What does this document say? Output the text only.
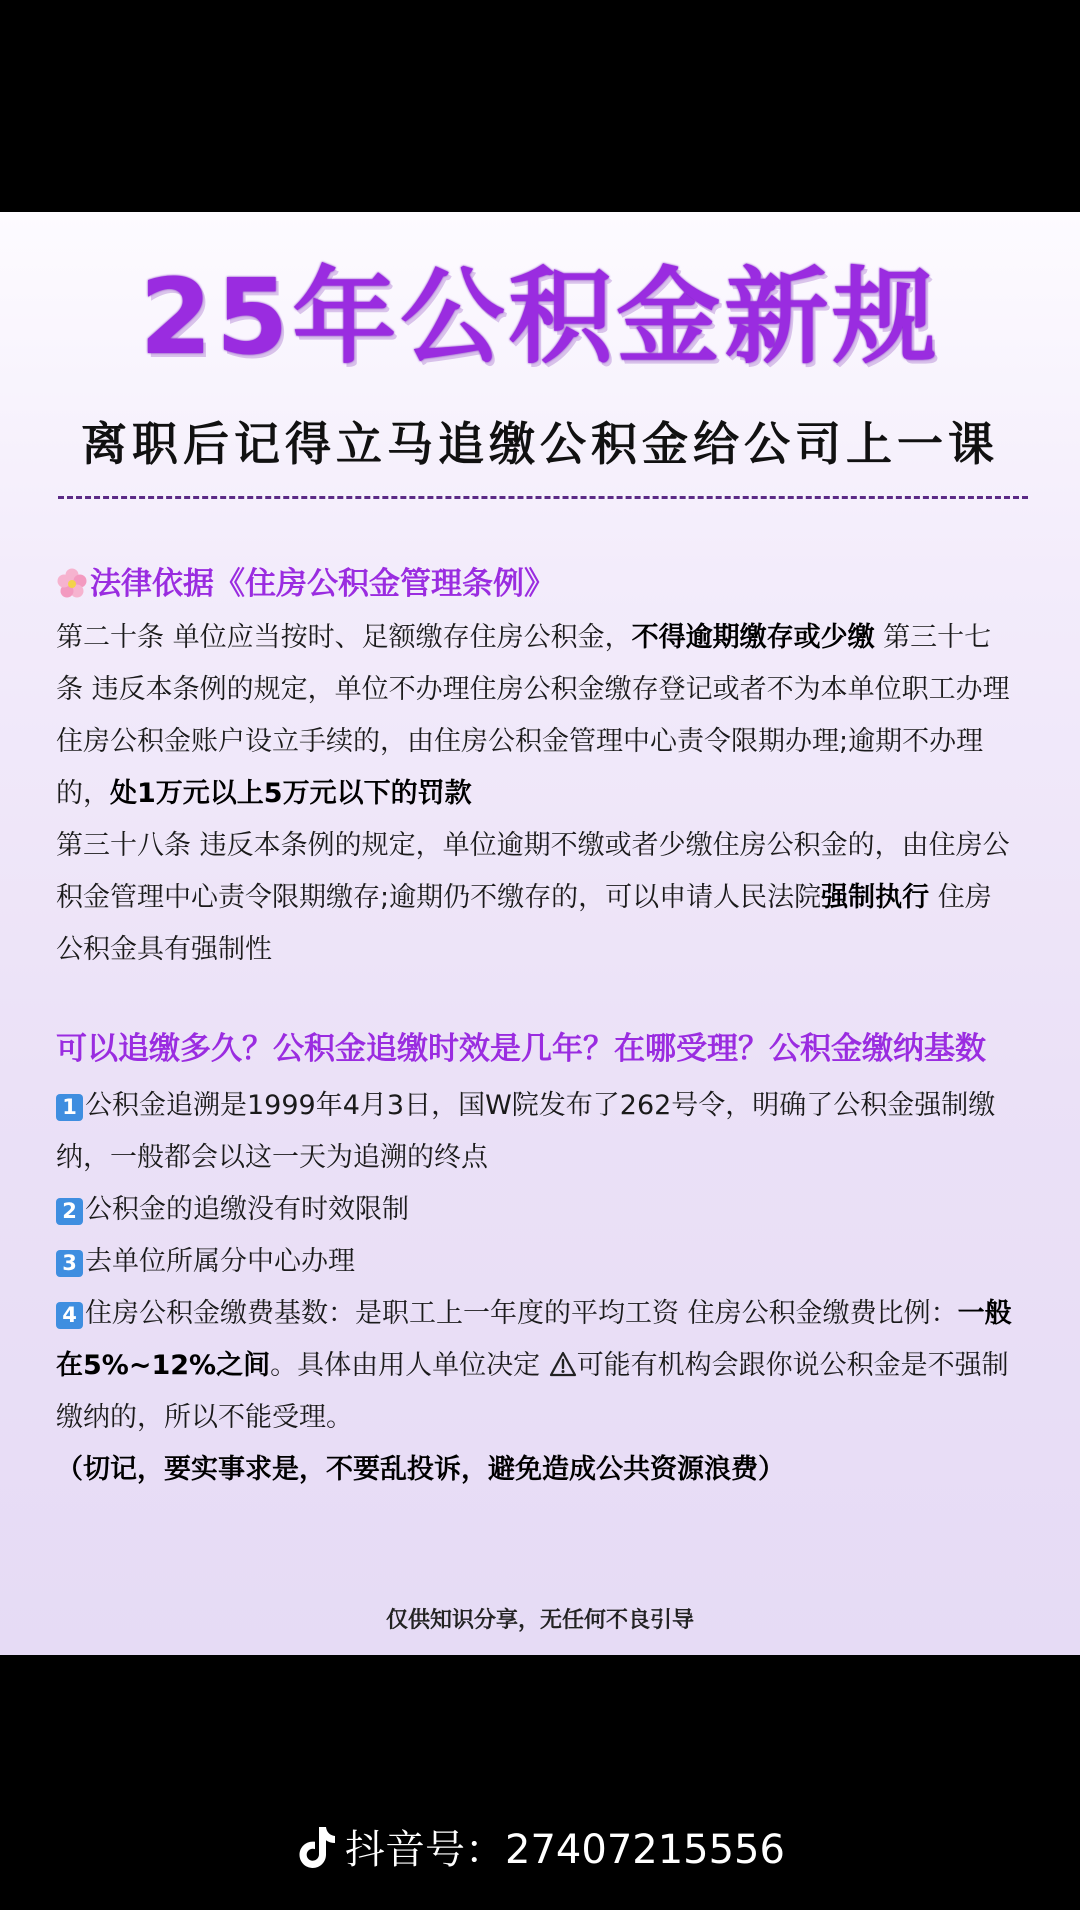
25年公积金新规
离职后记得立马追缴公积金给公司上一课
法律依据《住房公积金管理条例》

第二十条 单位应当按时、足额缴存住房公积金，不得逾期缴存或少缴 第三十七条 违反本条例的规定，单位不办理住房公积金缴存登记或者不为本单位职工办理住房公积金账户设立手续的，由住房公积金管理中心责令限期办理;逾期不办理的，处1万元以上5万元以下的罚款

第三十八条 违反本条例的规定，单位逾期不缴或者少缴住房公积金的，由住房公积金管理中心责令限期缴存;逾期仍不缴存的，可以申请人民法院强制执行 住房公积金具有强制性

可以追缴多久？公积金追缴时效是几年？在哪受理？公积金缴纳基数

1 公积金追溯是1999年4月3日，国W院发布了262号令，明确了公积金强制缴纳，一般都会以这一天为追溯的终点

2 公积金的追缴没有时效限制

3 去单位所属分中心办理

4 住房公积金缴费基数：是职工上一年度的平均工资 住房公积金缴费比例：一般在5%~12%之间。具体由用人单位决定 可能有机构会跟你说公积金是不强制缴纳的，所以不能受理。

（切记，要实事求是，不要乱投诉，避免造成公共资源浪费）

仅供知识分享，无任何不良引导
抖音号：27407215556
